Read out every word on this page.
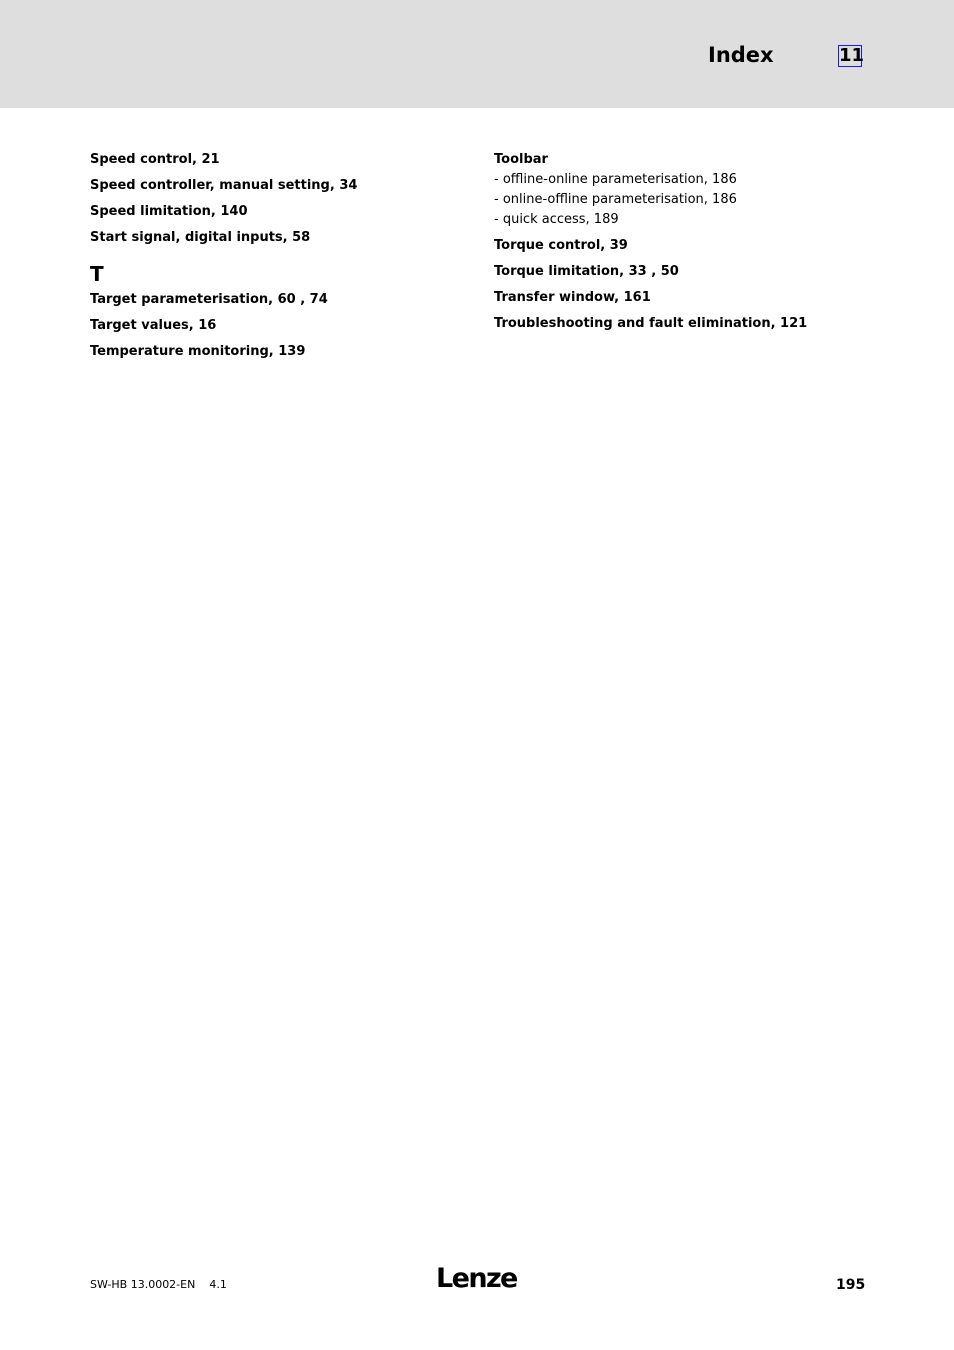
Index	11
Speed control, 21
Speed controller, manual setting, 34
Speed limitation, 140
Start signal, digital inputs, 58
T
Target parameterisation, 60 , 74
Target values, 16
Temperature monitoring, 139
Toolbar
- offline-online parameterisation, 186
- online-offline parameterisation, 186
- quick access, 189
Torque control, 39
Torque limitation, 33 , 50
Transfer window, 161
Troubleshooting and fault elimination, 121
SW-HB 13.0002-EN 4.1	Lenze	195
